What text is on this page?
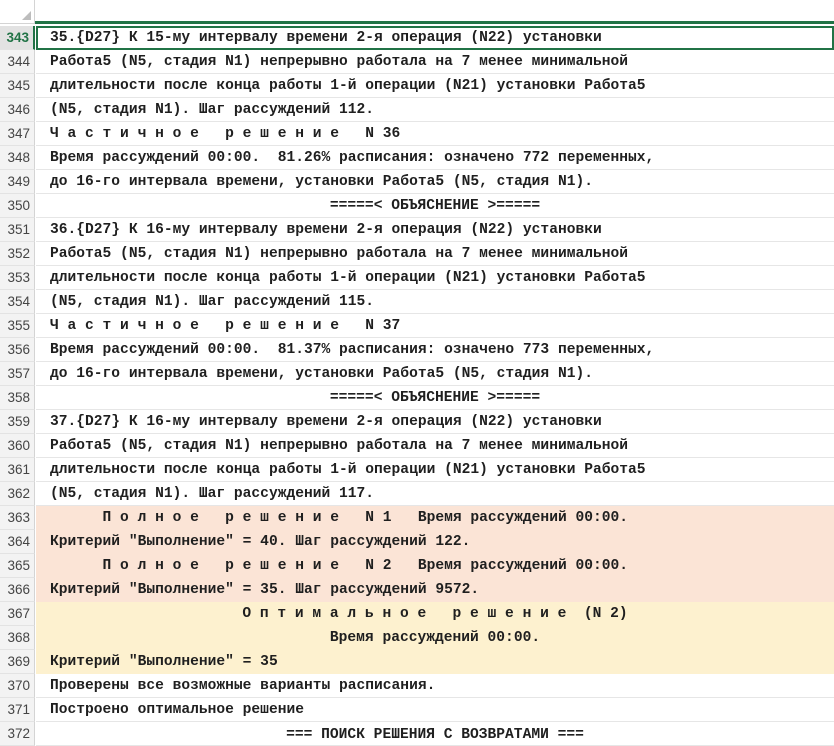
343	35.{D27} К 15-му интервалу времени 2-я операция (N22) установки
344	Работа5 (N5, стадия N1) непрерывно работала на 7 менее минимальной
345	длительности после конца работы 1-й операции (N21) установки Работа5
346	(N5, стадия N1). Шаг рассуждений 112.
347	Ч а с т и ч н о е   р е ш е н и е   N 36
348	Время рассуждений 00:00.  81.26% расписания: означено 772 переменных,
349	до 16-го интервала времени, установки Работа5 (N5, стадия N1).
350	=====< ОБЪЯСНЕНИЕ >=====
351	36.{D27} К 16-му интервалу времени 2-я операция (N22) установки
352	Работа5 (N5, стадия N1) непрерывно работала на 7 менее минимальной
353	длительности после конца работы 1-й операции (N21) установки Работа5
354	(N5, стадия N1). Шаг рассуждений 115.
355	Ч а с т и ч н о е   р е ш е н и е   N 37
356	Время рассуждений 00:00.  81.37% расписания: означено 773 переменных,
357	до 16-го интервала времени, установки Работа5 (N5, стадия N1).
358	=====< ОБЪЯСНЕНИЕ >=====
359	37.{D27} К 16-му интервалу времени 2-я операция (N22) установки
360	Работа5 (N5, стадия N1) непрерывно работала на 7 менее минимальной
361	длительности после конца работы 1-й операции (N21) установки Работа5
362	(N5, стадия N1). Шаг рассуждений 117.
363	П о л н о е   р е ш е н и е   N 1   Время рассуждений 00:00.
364	Критерий "Выполнение" = 40. Шаг рассуждений 122.
365	П о л н о е   р е ш е н и е   N 2   Время рассуждений 00:00.
366	Критерий "Выполнение" = 35. Шаг рассуждений 9572.
367	О п т и м а л ь н о е   р е ш е н и е  (N 2)
368	Время рассуждений 00:00.
369	Критерий "Выполнение" = 35
370	Проверены все возможные варианты расписания.
371	Построено оптимальное решение
372	=== ПОИСК РЕШЕНИЯ С ВОЗВРАТАМИ ===
